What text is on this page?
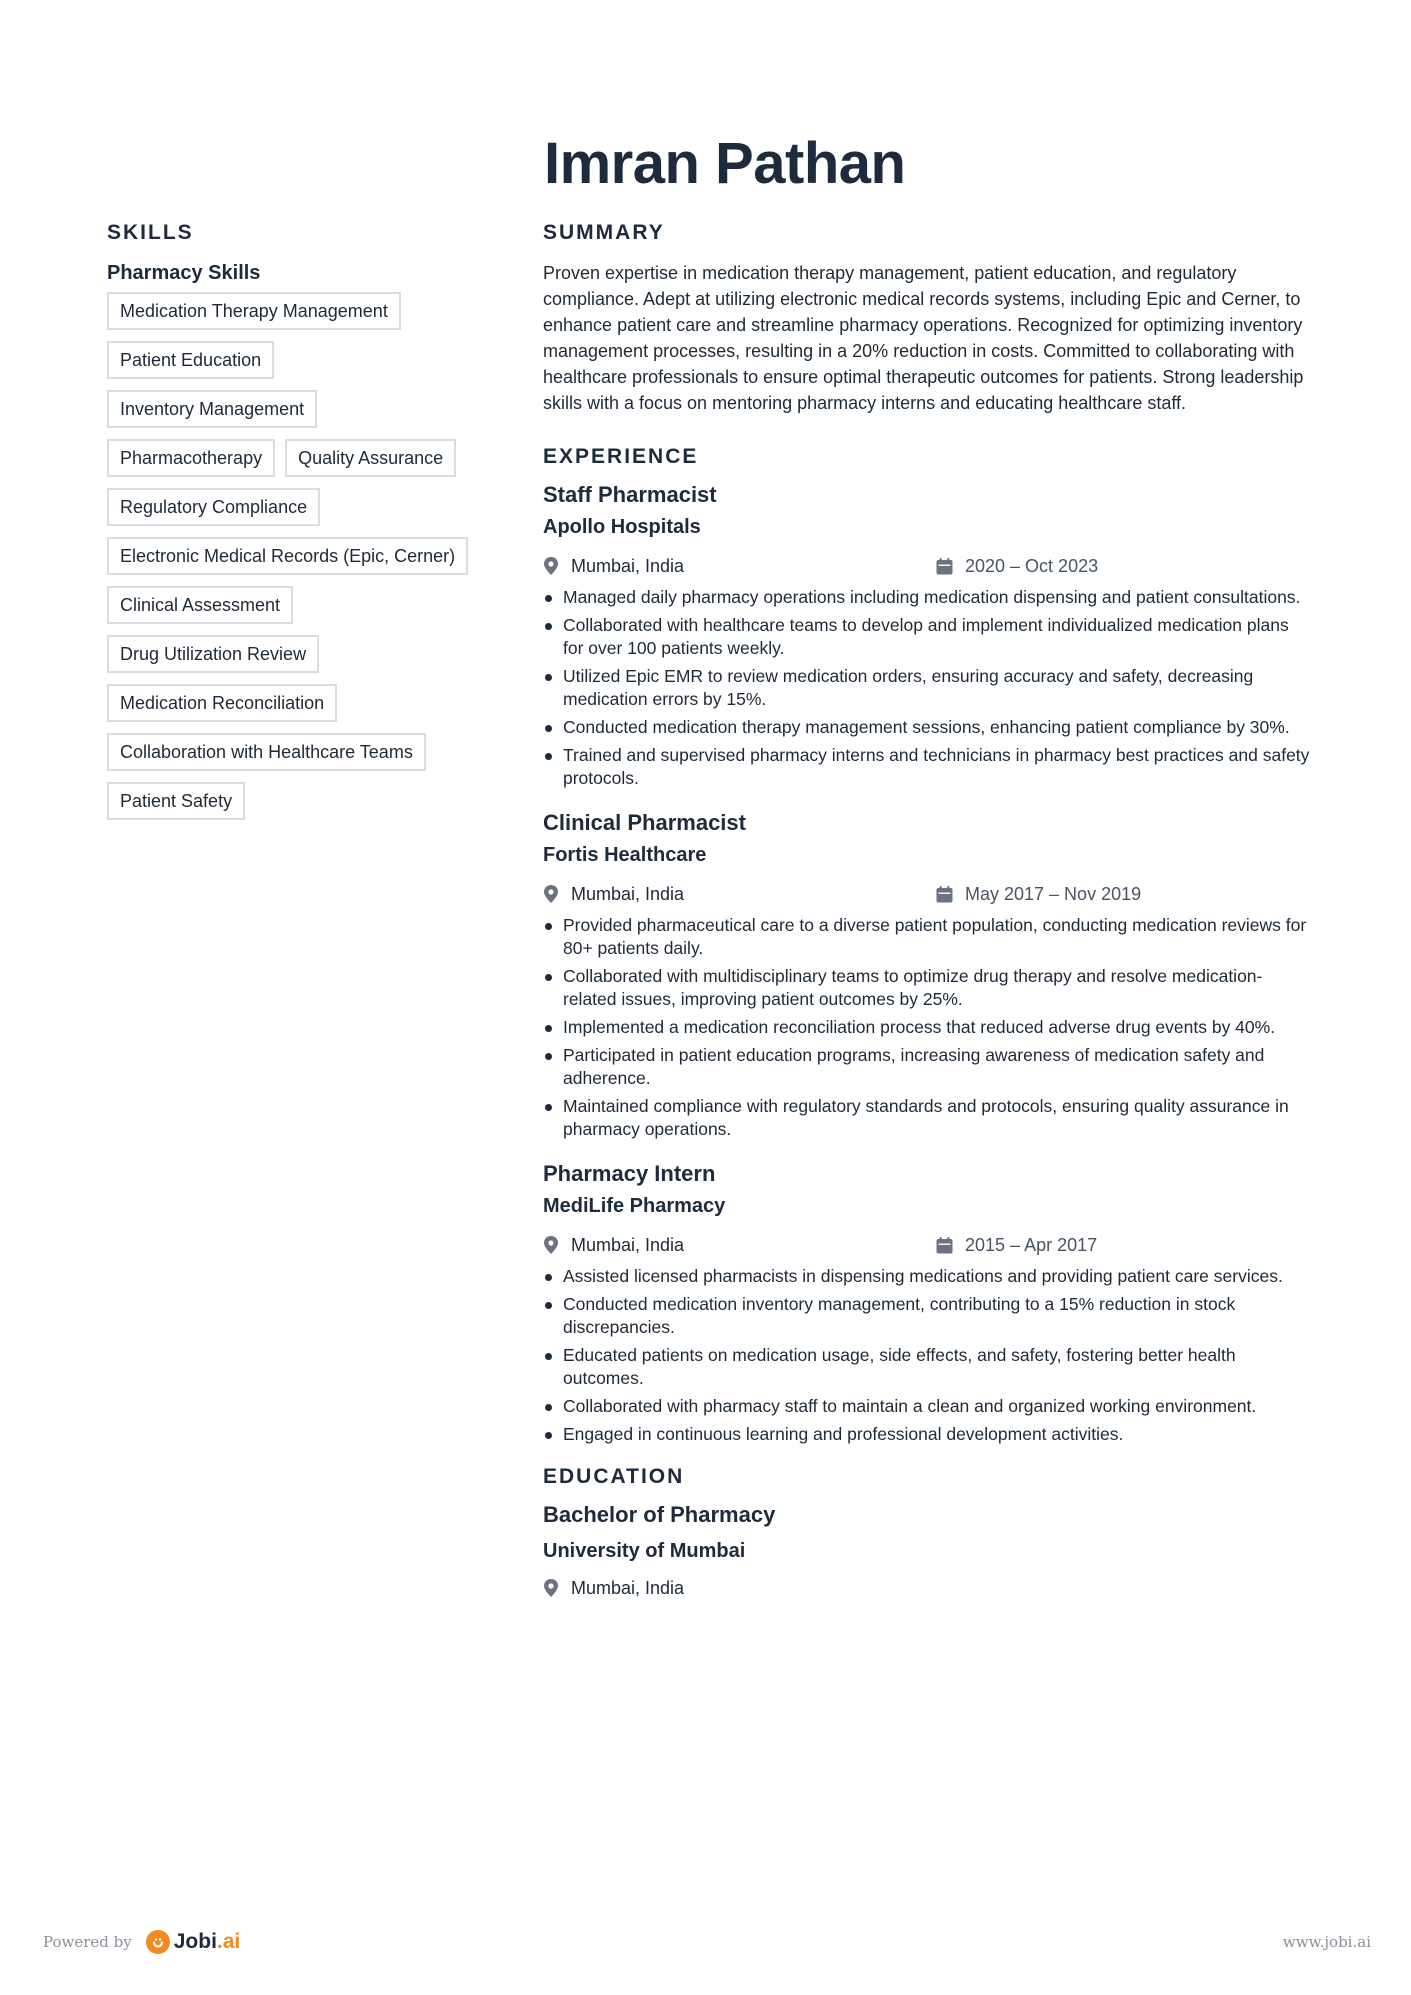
Imran Pathan
SKILLS
Pharmacy Skills
Medication Therapy Management
Patient Education
Inventory Management
Pharmacotherapy	Quality Assurance
Regulatory Compliance
Electronic Medical Records (Epic, Cerner)
Clinical Assessment
Drug Utilization Review
Medication Reconciliation
Collaboration with Healthcare Teams
Patient Safety
SUMMARY

Proven expertise in medication therapy management, patient education, and regulatory compliance. Adept at utilizing electronic medical records systems, including Epic and Cerner, to enhance patient care and streamline pharmacy operations. Recognized for optimizing inventory management processes, resulting in a 20% reduction in costs. Committed to collaborating with healthcare professionals to ensure optimal therapeutic outcomes for patients. Strong leadership skills with a focus on mentoring pharmacy interns and educating healthcare staff.

EXPERIENCE
Staff Pharmacist
Apollo Hospitals
Mumbai, India	2020 – Oct 2023
Managed daily pharmacy operations including medication dispensing and patient consultations.
Collaborated with healthcare teams to develop and implement individualized medication plans for over 100 patients weekly.
Utilized Epic EMR to review medication orders, ensuring accuracy and safety, decreasing medication errors by 15%.
Conducted medication therapy management sessions, enhancing patient compliance by 30%.
Trained and supervised pharmacy interns and technicians in pharmacy best practices and safety protocols.
Clinical Pharmacist
Fortis Healthcare
Mumbai, India	May 2017 – Nov 2019
Provided pharmaceutical care to a diverse patient population, conducting medication reviews for 80+ patients daily.
Collaborated with multidisciplinary teams to optimize drug therapy and resolve medication-related issues, improving patient outcomes by 25%.
Implemented a medication reconciliation process that reduced adverse drug events by 40%.
Participated in patient education programs, increasing awareness of medication safety and adherence.
Maintained compliance with regulatory standards and protocols, ensuring quality assurance in pharmacy operations.
Pharmacy Intern
MediLife Pharmacy
Mumbai, India	2015 – Apr 2017
Assisted licensed pharmacists in dispensing medications and providing patient care services.
Conducted medication inventory management, contributing to a 15% reduction in stock discrepancies.
Educated patients on medication usage, side effects, and safety, fostering better health outcomes.
Collaborated with pharmacy staff to maintain a clean and organized working environment.
Engaged in continuous learning and professional development activities.
EDUCATION
Bachelor of Pharmacy
University of Mumbai
Mumbai, India
Powered by Jobi .ai	www.jobi.ai
